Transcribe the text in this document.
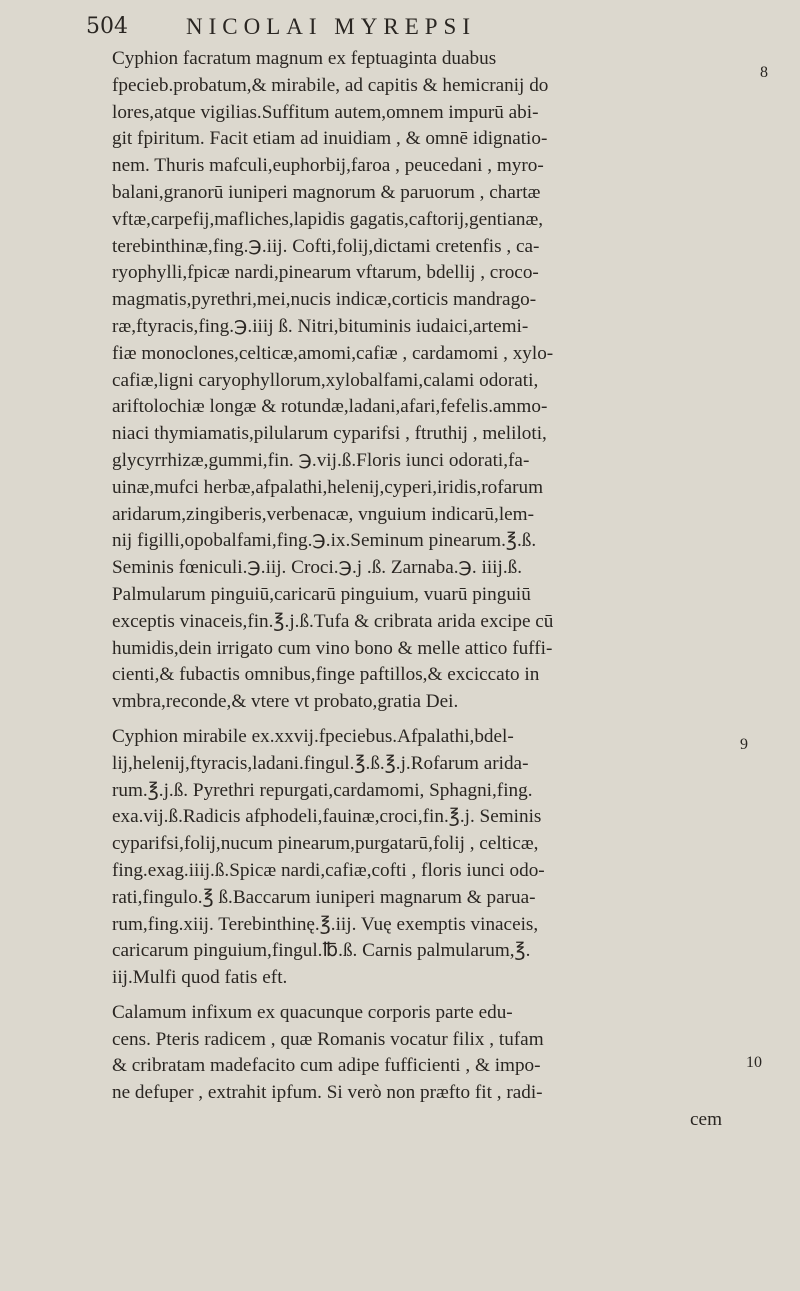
504	NICOLAI MYREPSI
8
9
10
Cyphion facratum magnum ex feptuaginta duabus
fpecieb.probatum,& mirabile, ad capitis & hemicranij do
lores,atque vigilias.Suffitum autem,omnem impurū abi-
git fpiritum. Facit etiam ad inuidiam , & omnē idignatio-
nem. Thuris mafculi,euphorbij,faroa , peucedani , myro-
balani,granorū iuniperi magnorum & paruorum , chartæ
vftæ,carpefij,mafliches,lapidis gagatis,caftorij,gentianæ,
terebinthinæ,fing.℈.iij. Cofti,folij,dictami cretenfis , ca-
ryophylli,fpicæ nardi,pinearum vftarum, bdellij , croco-
magmatis,pyrethri,mei,nucis indicæ,corticis mandrago-
ræ,ftyracis,fing.℈.iiij ß. Nitri,bituminis iudaici,artemi-
fiæ monoclones,celticæ,amomi,cafiæ , cardamomi , xylo-
cafiæ,ligni caryophyllorum,xylobalfami,calami odorati,
ariftolochiæ longæ & rotundæ,ladani,afari,fefelis.ammo-
niaci thymiamatis,pilularum cyparifsi , ftruthij , meliloti,
glycyrrhizæ,gummi,fin. ℈.vij.ß.Floris iunci odorati,fa-
uinæ,mufci herbæ,afpalathi,helenij,cyperi,iridis,rofarum
aridarum,zingiberis,verbenacæ, vnguium indicarū,lem-
nij figilli,opobalfami,fing.℈.ix.Seminum pinearum.℥.ß.
Seminis fœniculi.℈.iij. Croci.℈.j .ß. Zarnaba.℈. iiij.ß.
Palmularum pinguiū,caricarū pinguium, vuarū pinguiū
exceptis vinaceis,fin.℥.j.ß.Tufa & cribrata arida excipe cū
humidis,dein irrigato cum vino bono & melle attico fuffi-
cienti,& fubactis omnibus,finge paftillos,& exciccato in
vmbra,reconde,& vtere vt probato,gratia Dei.
Cyphion mirabile ex.xxvij.fpeciebus.Afpalathi,bdel-
lij,helenij,ftyracis,ladani.fingul.℥.ß.℥.j.Rofarum arida-
rum.℥.j.ß. Pyrethri repurgati,cardamomi, Sphagni,fing.
exa.vij.ß.Radicis afphodeli,fauinæ,croci,fin.℥.j. Seminis
cyparifsi,folij,nucum pinearum,purgatarū,folij , celticæ,
fing.exag.iiij.ß.Spicæ nardi,cafiæ,cofti , floris iunci odo-
rati,fingulo.℥ ß.Baccarum iuniperi magnarum & parua-
rum,fing.xiij. Terebinthinę.℥.iij. Vuę exemptis vinaceis,
caricarum pinguium,fingul.℔.ß. Carnis palmularum,℥.
iij.Mulfi quod fatis eft.
Calamum infixum ex quacunque corporis parte edu-
cens. Pteris radicem , quæ Romanis vocatur filix , tufam
& cribratam madefacito cum adipe fufficienti , & impo-
ne defuper , extrahit ipfum. Si verò non præfto fit , radi-
cem
